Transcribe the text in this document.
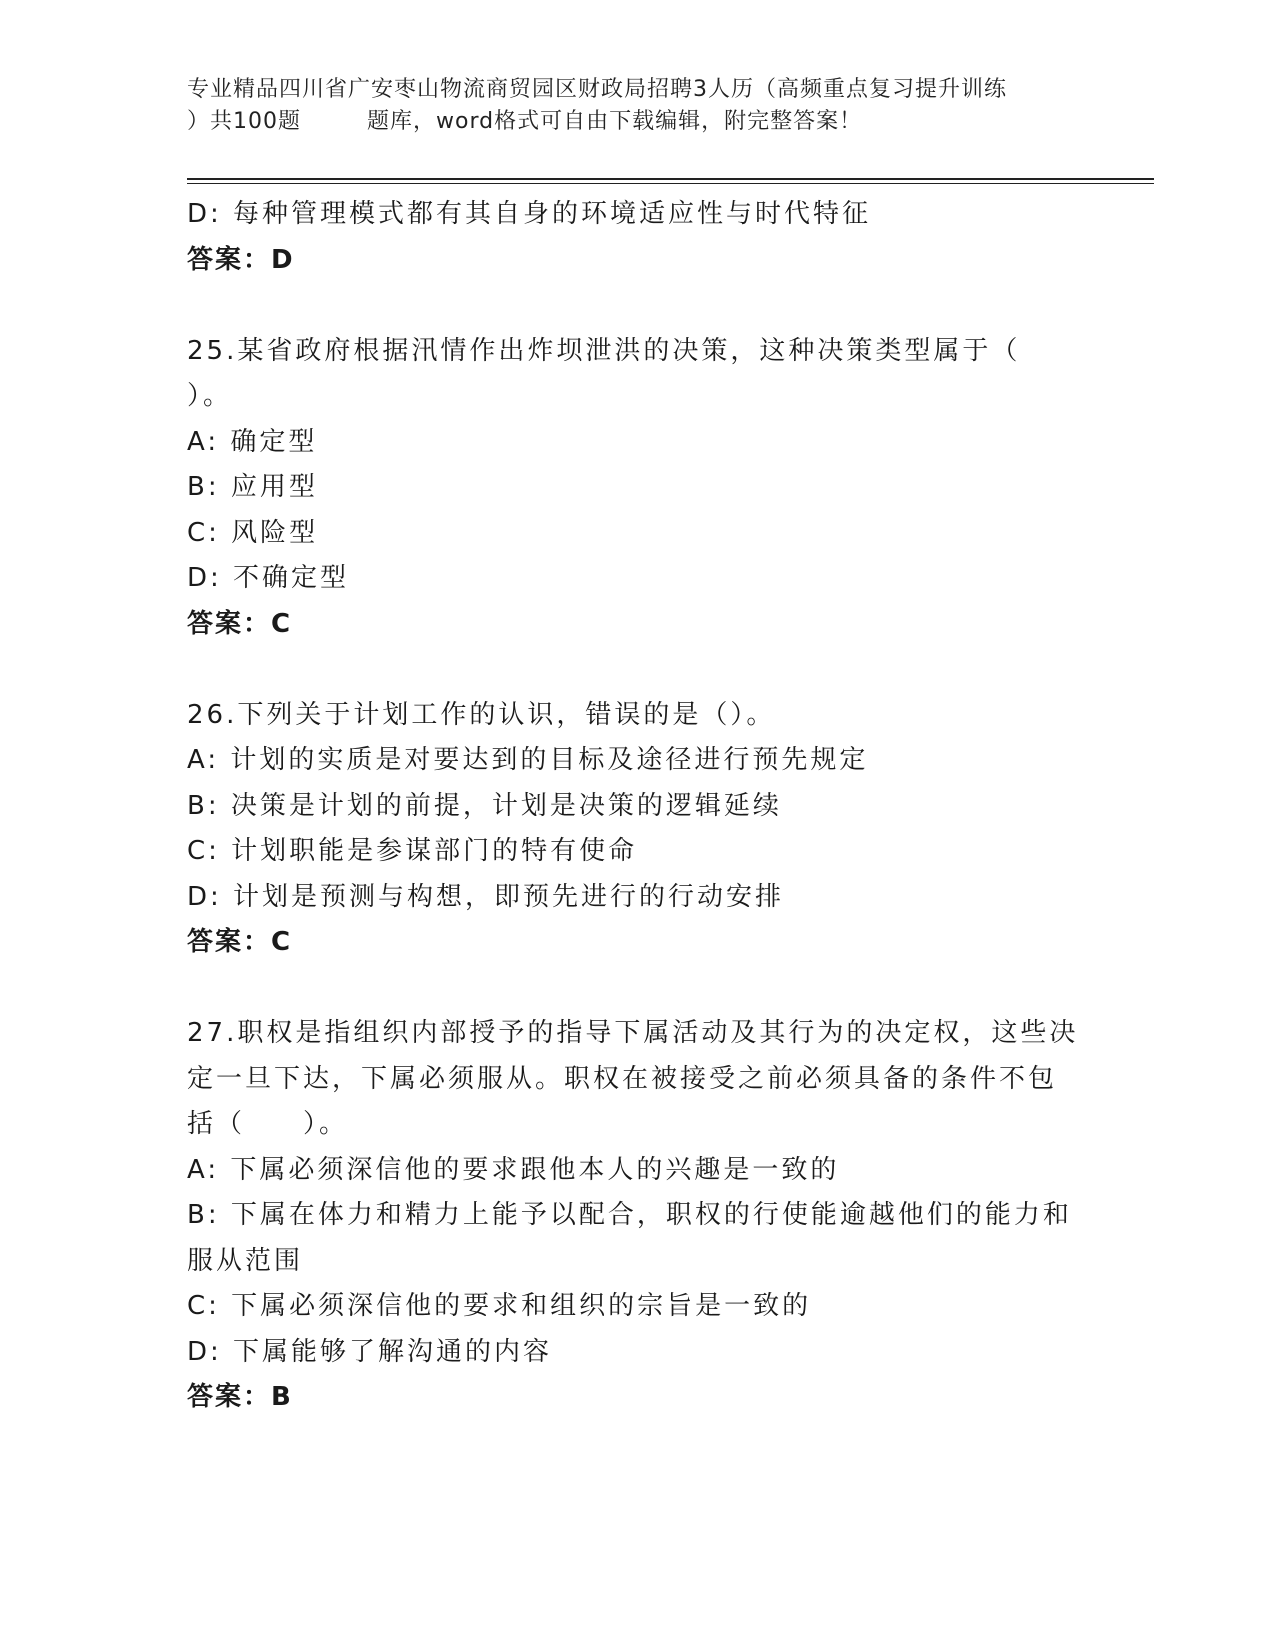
专业精品四川省广安枣山物流商贸园区财政局招聘3人历（高频重点复习提升训练
）共100题	题库，word格式可自由下载编辑，附完整答案！
D: 每种管理模式都有其自身的环境适应性与时代特征
答案：D
25.某省政府根据汛情作出炸坝泄洪的决策，这种决策类型属于（
）。
A: 确定型
B: 应用型
C: 风险型
D: 不确定型
答案：C
26.下列关于计划工作的认识，错误的是（）。
A: 计划的实质是对要达到的目标及途径进行预先规定
B: 决策是计划的前提，计划是决策的逻辑延续
C: 计划职能是参谋部门的特有使命
D: 计划是预测与构想，即预先进行的行动安排
答案：C
27.职权是指组织内部授予的指导下属活动及其行为的决定权，这些决
定一旦下达，下属必须服从。职权在被接受之前必须具备的条件不包
括（　　）。
A: 下属必须深信他的要求跟他本人的兴趣是一致的
B: 下属在体力和精力上能予以配合，职权的行使能逾越他们的能力和
服从范围
C: 下属必须深信他的要求和组织的宗旨是一致的
D: 下属能够了解沟通的内容
答案：B
